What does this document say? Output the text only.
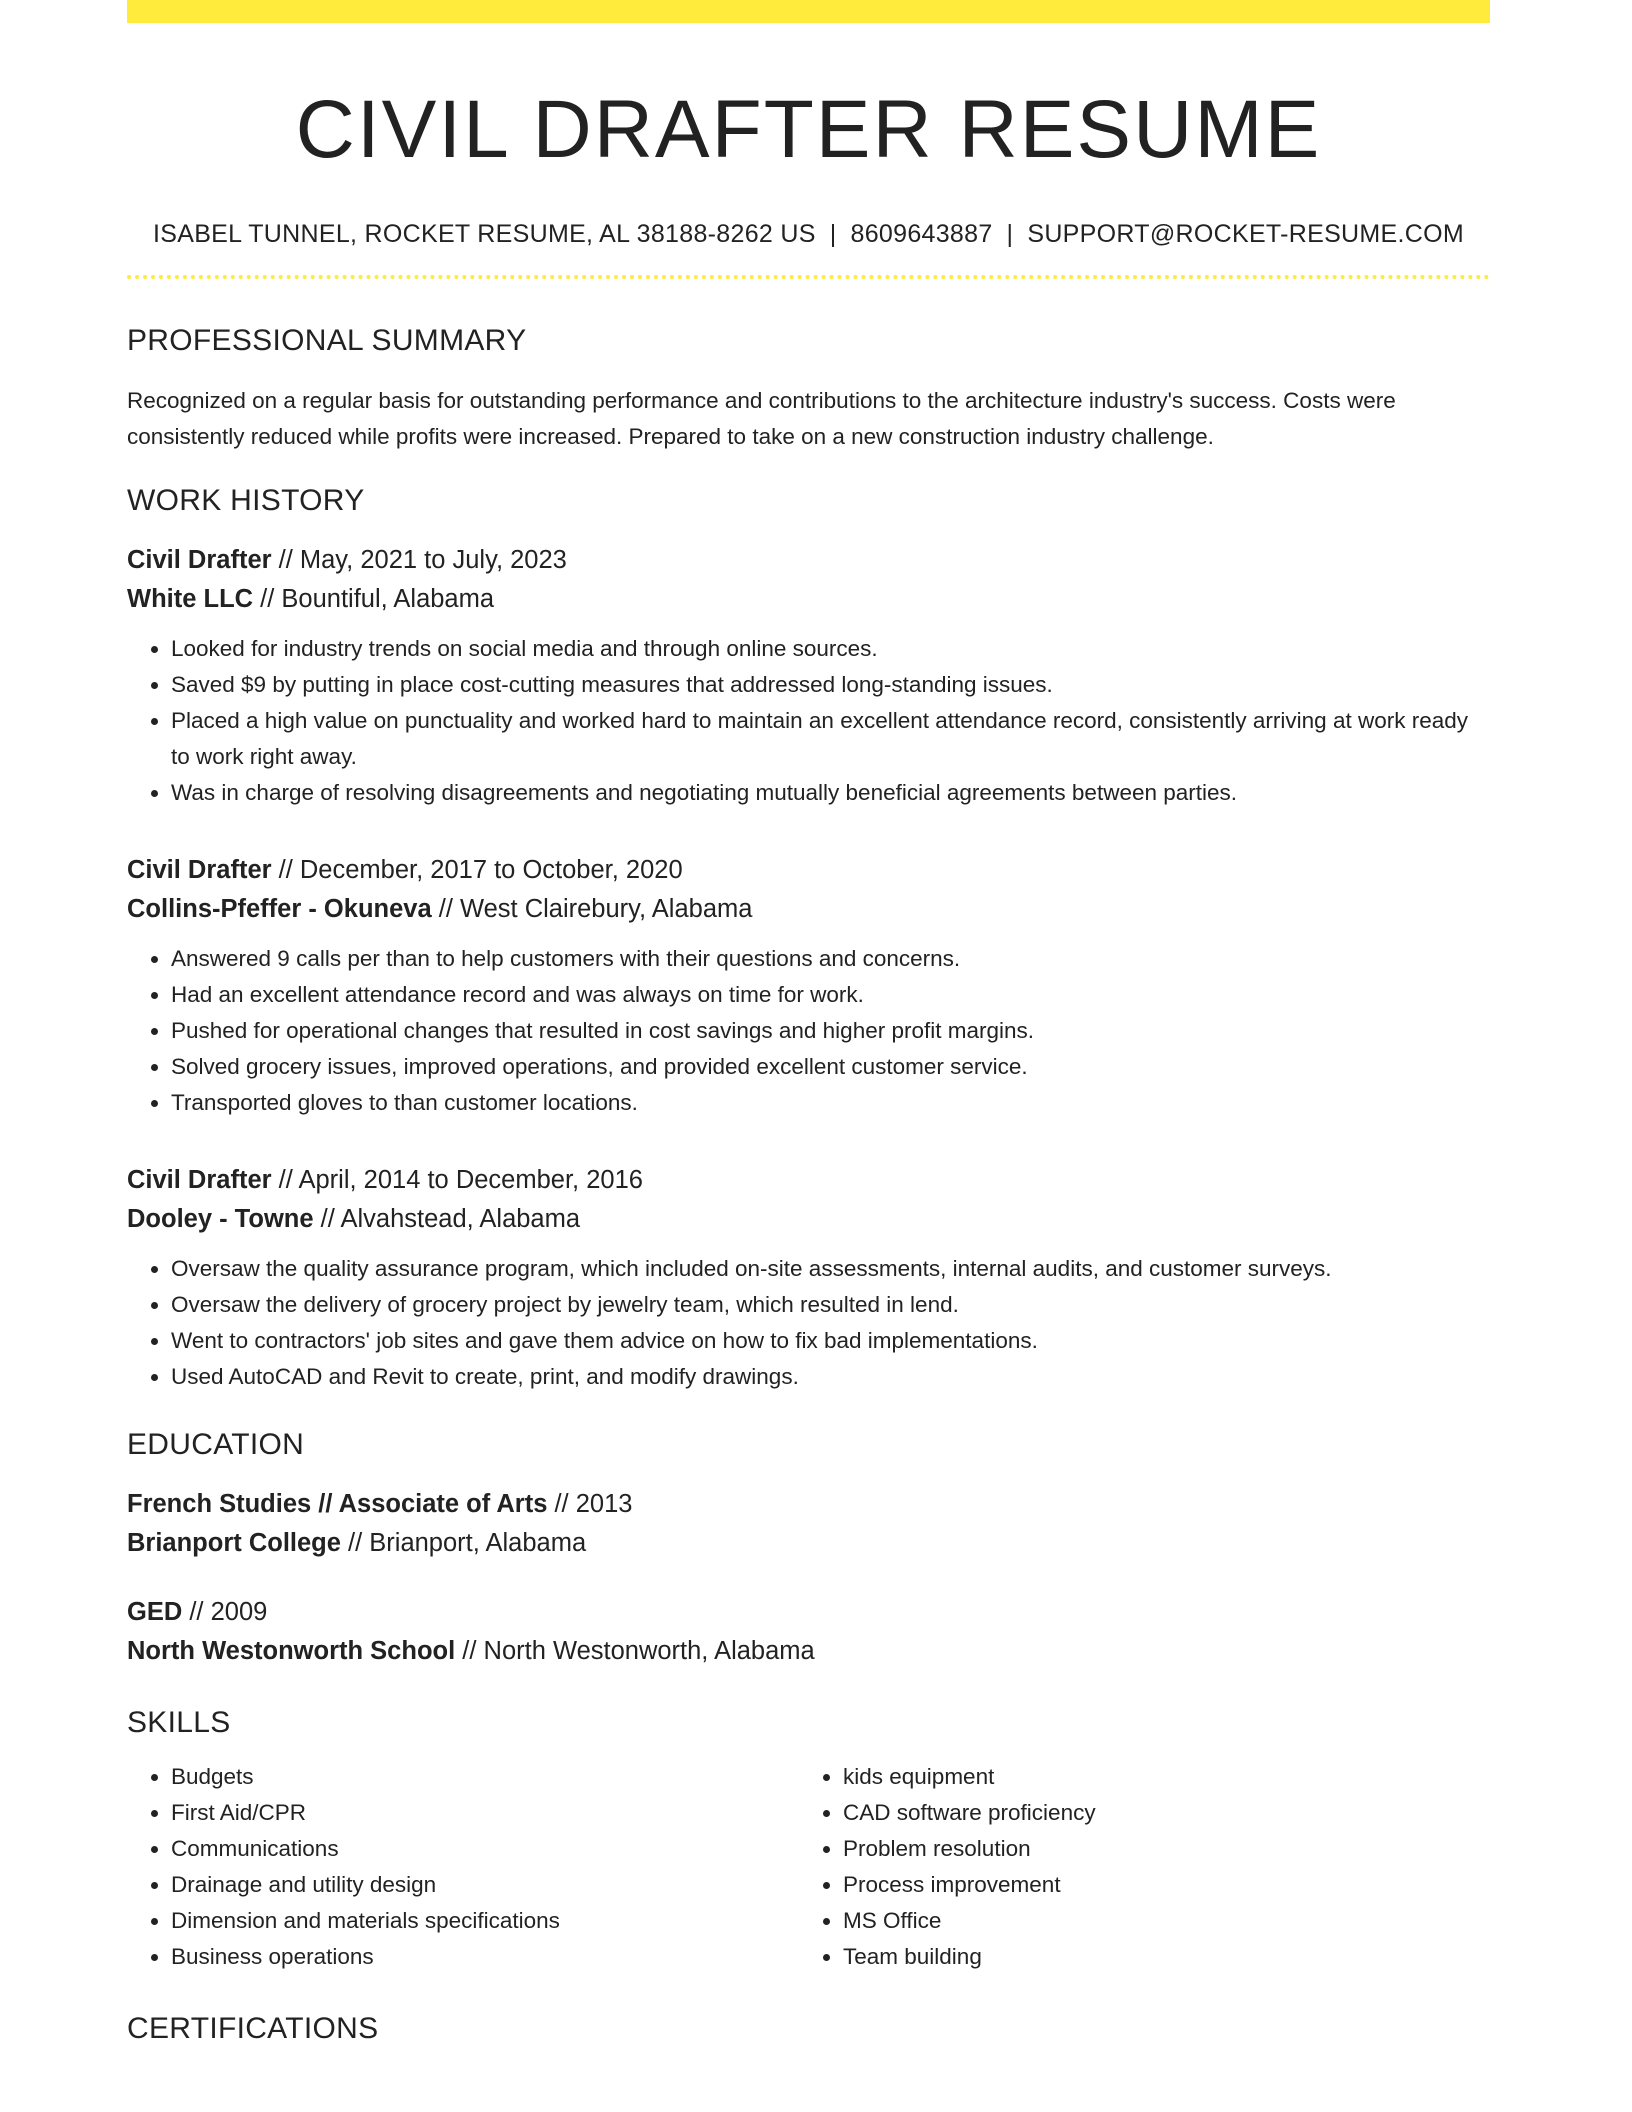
CIVIL DRAFTER RESUME
ISABEL TUNNEL, ROCKET RESUME, AL 38188-8262 US | 8609643887 | SUPPORT@ROCKET-RESUME.COM
PROFESSIONAL SUMMARY

Recognized on a regular basis for outstanding performance and contributions to the architecture industry's success. Costs were consistently reduced while profits were increased. Prepared to take on a new construction industry challenge.

WORK HISTORY
Civil Drafter // May, 2021 to July, 2023
White LLC // Bountiful, Alabama
• Looked for industry trends on social media and through online sources.
• Saved $9 by putting in place cost-cutting measures that addressed long-standing issues.
• Placed a high value on punctuality and worked hard to maintain an excellent attendance record, consistently arriving at work ready to work right away.
• Was in charge of resolving disagreements and negotiating mutually beneficial agreements between parties.
Civil Drafter // December, 2017 to October, 2020
Collins-Pfeffer - Okuneva // West Clairebury, Alabama
• Answered 9 calls per than to help customers with their questions and concerns.
• Had an excellent attendance record and was always on time for work.
• Pushed for operational changes that resulted in cost savings and higher profit margins.
• Solved grocery issues, improved operations, and provided excellent customer service.
• Transported gloves to than customer locations.
Civil Drafter // April, 2014 to December, 2016
Dooley - Towne // Alvahstead, Alabama
• Oversaw the quality assurance program, which included on-site assessments, internal audits, and customer surveys.
• Oversaw the delivery of grocery project by jewelry team, which resulted in lend.
• Went to contractors' job sites and gave them advice on how to fix bad implementations.
• Used AutoCAD and Revit to create, print, and modify drawings.
EDUCATION
French Studies // Associate of Arts // 2013
Brianport College // Brianport, Alabama
GED // 2009
North Westonworth School // North Westonworth, Alabama
SKILLS
• Budgets
• First Aid/CPR
• Communications
• Drainage and utility design
• Dimension and materials specifications
• Business operations
• kids equipment
• CAD software proficiency
• Problem resolution
• Process improvement
• MS Office
• Team building
CERTIFICATIONS
